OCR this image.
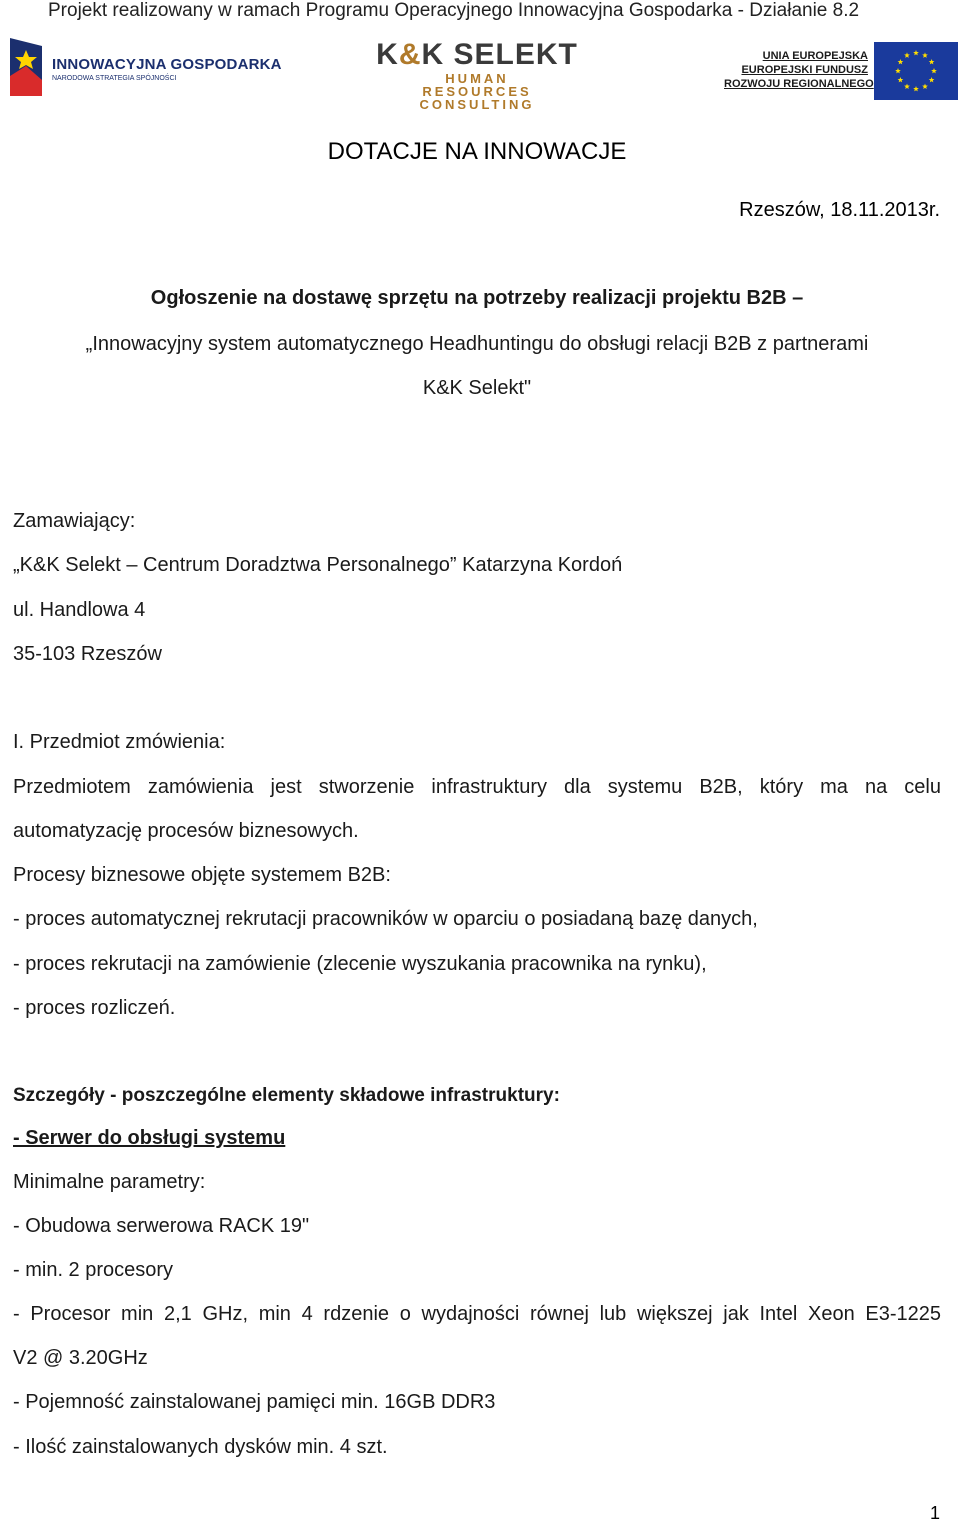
Projekt realizowany w ramach Programu Operacyjnego Innowacyjna Gospodarka - Działanie 8.2
INNOWACYJNA GOSPODARKA
NARODOWA STRATEGIA SPÓJNOŚCI
K&K SELEKT
HUMAN
RESOURCES
CONSULTING
UNIA EUROPEJSKA
EUROPEJSKI FUNDUSZ
ROZWOJU REGIONALNEGO
DOTACJE NA INNOWACJE
Rzeszów, 18.11.2013r.
Ogłoszenie na dostawę sprzętu na potrzeby realizacji projektu B2B –
„Innowacyjny system automatycznego Headhuntingu do obsługi relacji B2B z partnerami
K&K Selekt"
Zamawiający:
„K&K Selekt – Centrum Doradztwa Personalnego” Katarzyna Kordoń
ul. Handlowa 4
35-103 Rzeszów
I. Przedmiot zmówienia:
Przedmiotem zamówienia jest stworzenie infrastruktury dla systemu B2B, który ma na celu
automatyzację procesów biznesowych.
Procesy biznesowe objęte systemem B2B:
- proces automatycznej rekrutacji pracowników w oparciu o posiadaną bazę danych,
- proces rekrutacji na zamówienie (zlecenie wyszukania pracownika na rynku),
- proces rozliczeń.
Szczegóły - poszczególne elementy składowe infrastruktury:
- Serwer do obsługi systemu
Minimalne parametry:
- Obudowa serwerowa RACK 19"
- min. 2 procesory
- Procesor min 2,1 GHz, min 4 rdzenie o wydajności równej lub większej jak Intel Xeon E3-1225
V2 @ 3.20GHz
- Pojemność zainstalowanej pamięci min. 16GB DDR3
- Ilość zainstalowanych dysków min. 4 szt.
1
